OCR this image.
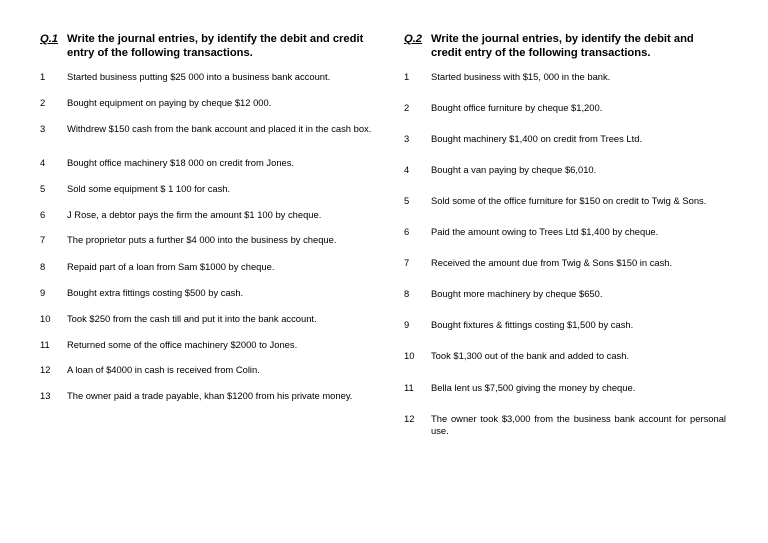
Q.1 Write the journal entries, by identify the debit and credit entry of the following transactions.
1	Started business putting $25 000 into a business bank account.
2	Bought equipment on paying by cheque $12 000.
3	Withdrew $150 cash from the bank account and placed it in the cash box.
4	Bought office machinery $18 000 on credit from Jones.
5	Sold some equipment $ 1 100 for cash.
6	J Rose, a debtor pays the firm the amount $1 100 by cheque.
7	The proprietor puts a further $4 000 into the business by cheque.
8	Repaid part of a loan from Sam $1000 by cheque.
9	Bought extra fittings costing $500 by cash.
10	Took $250 from the cash till and put it into the bank account.
11	Returned some of the office machinery $2000 to Jones.
12	A loan of $4000 in cash is received from Colin.
13	The owner paid a trade payable, khan $1200 from his private money.
Q.2 Write the journal entries, by identify the debit and credit entry of the following transactions.
1	Started business with $15, 000 in the bank.
2	Bought office furniture by cheque $1,200.
3	Bought machinery $1,400 on credit from Trees Ltd.
4	Bought a van paying by cheque $6,010.
5	Sold some of the office furniture for $150 on credit to Twig & Sons.
6	Paid the amount owing to Trees Ltd $1,400 by cheque.
7	Received the amount due from Twig & Sons $150 in cash.
8	Bought more machinery by cheque $650.
9	Bought fixtures & fittings costing $1,500 by cash.
10	Took $1,300 out of the bank and added to cash.
11	Bella lent us $7,500 giving the money by cheque.
12	The owner took $3,000 from the business bank account for personal use.
